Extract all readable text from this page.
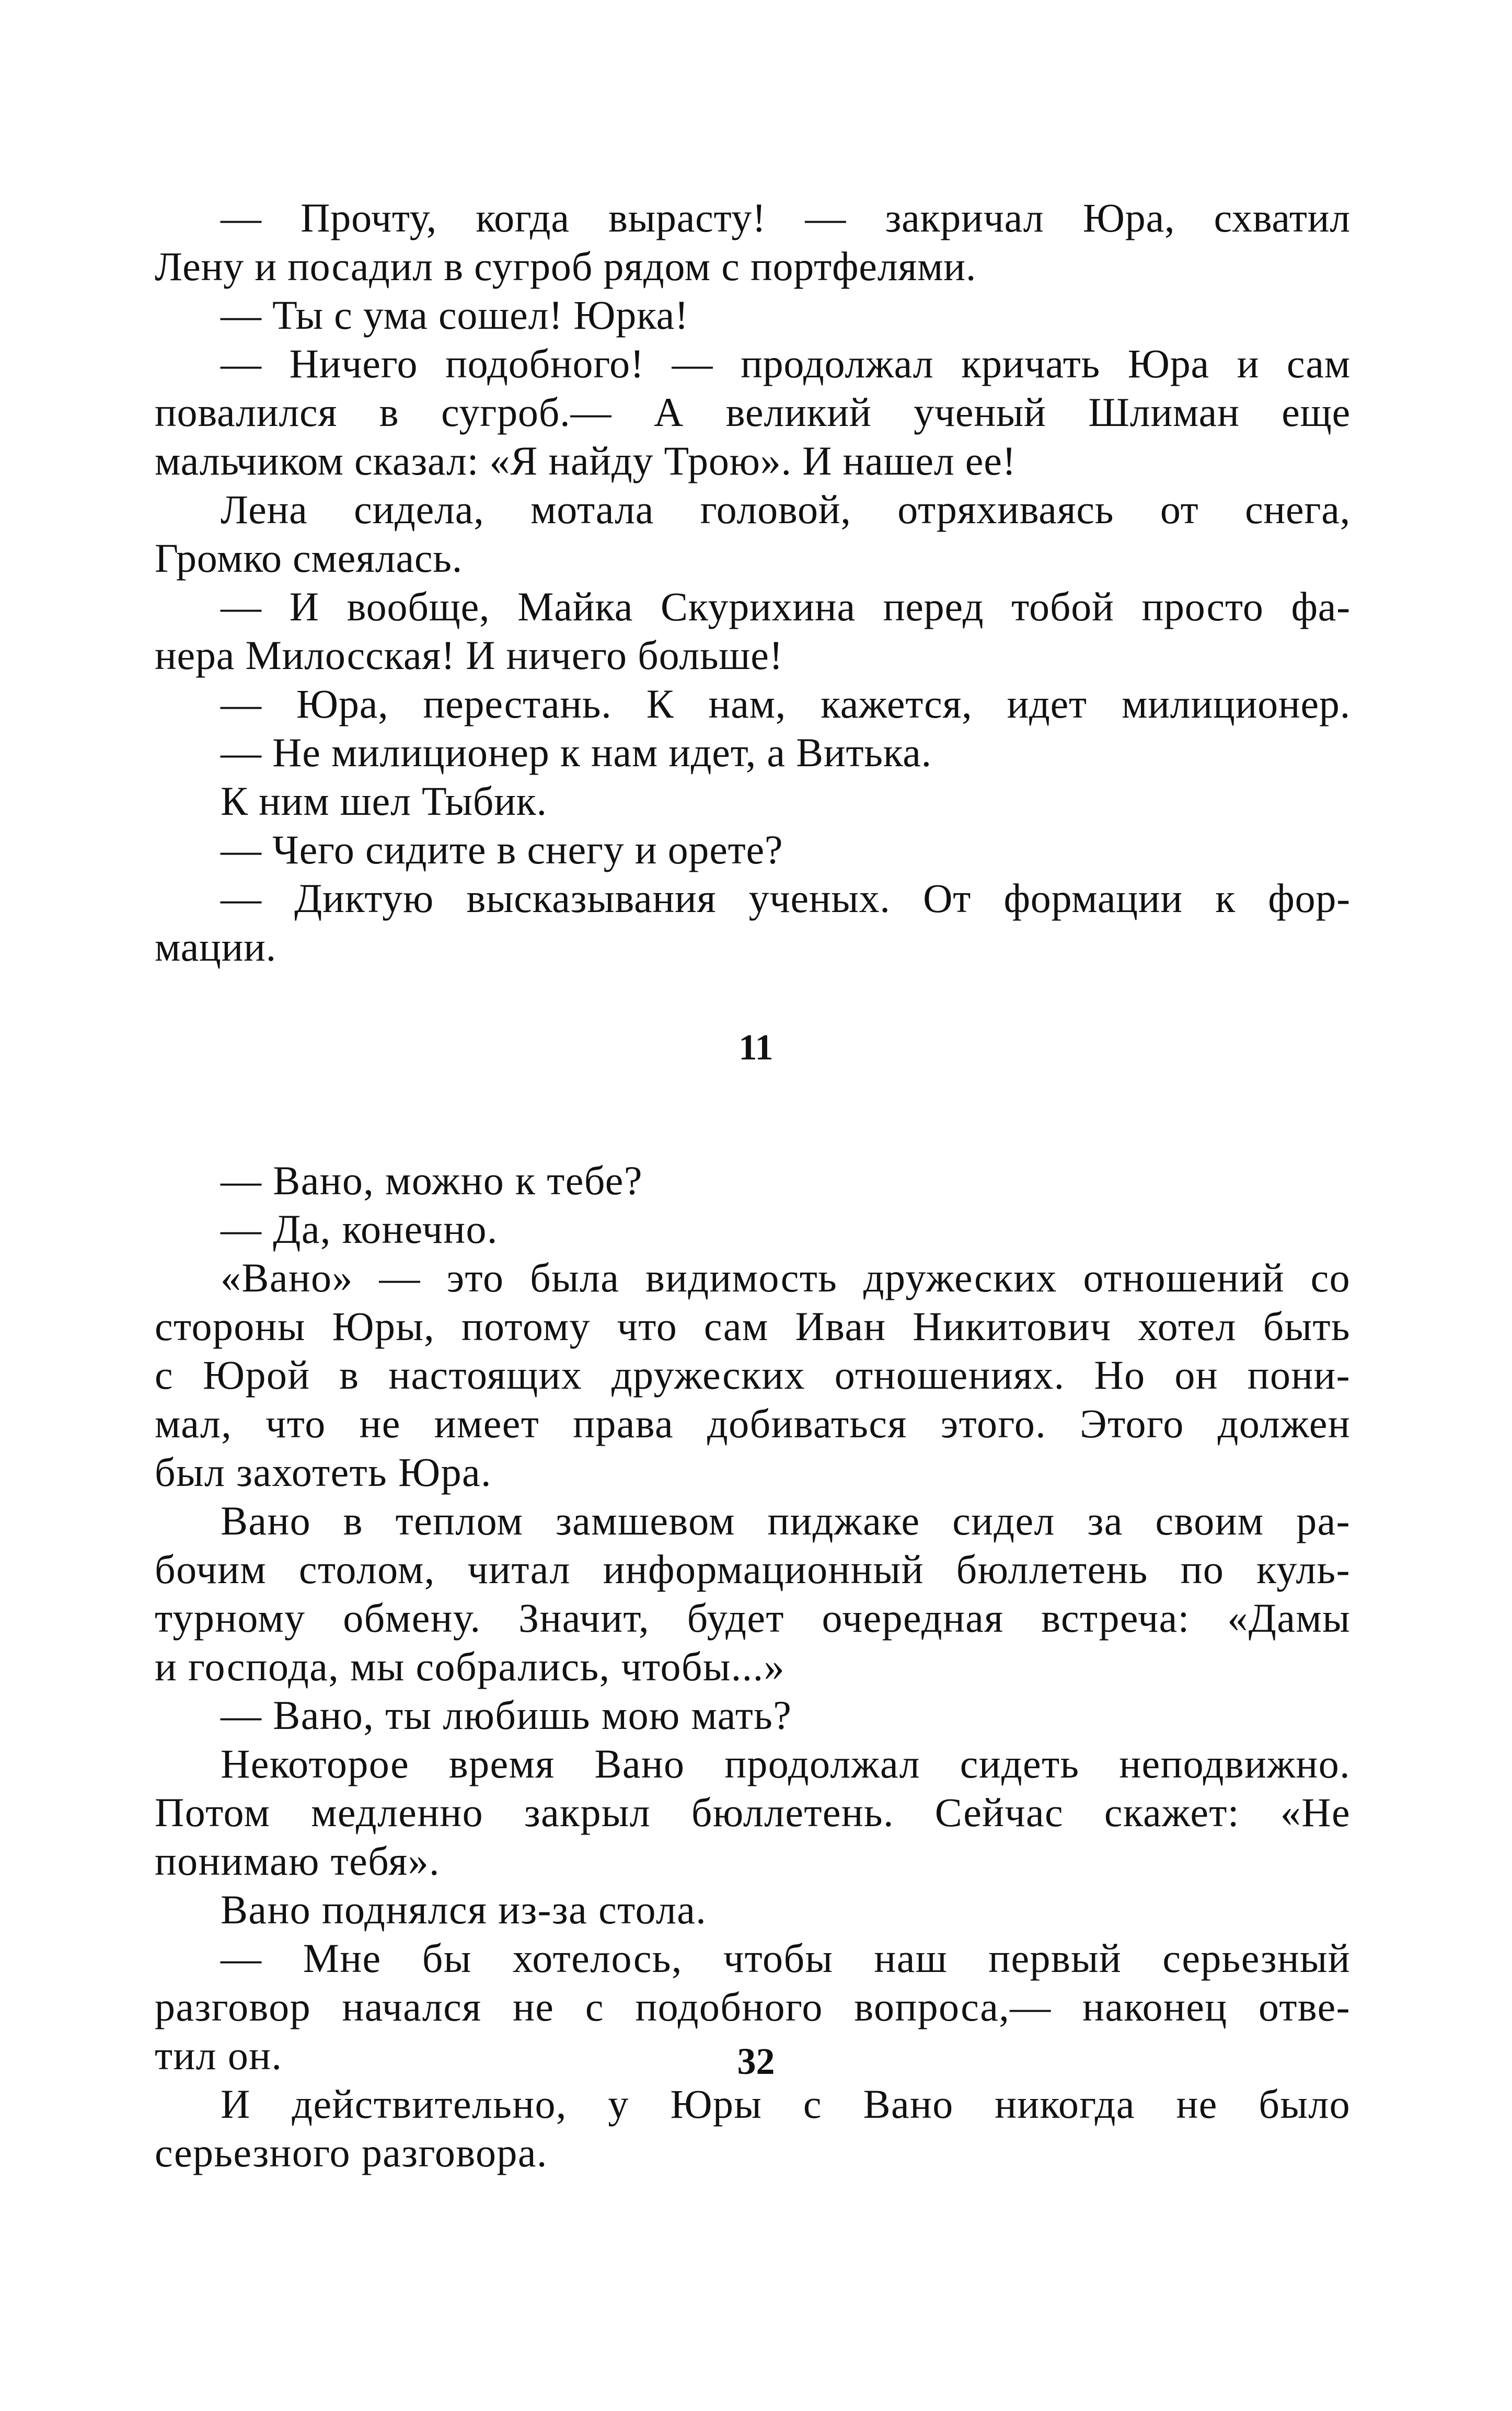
— Прочту, когда вырасту! — закричал Юра, схватил
Лену и посадил в сугроб рядом с портфелями.
— Ты с ума сошел! Юрка!
— Ничего подобного! — продолжал кричать Юра и сам
повалился в сугроб.— А великий ученый Шлиман еще
мальчиком сказал: «Я найду Трою». И нашел ее!
Лена сидела, мотала головой, отряхиваясь от снега,
Громко смеялась.
— И вообще, Майка Скурихина перед тобой просто фа-
нера Милосская! И ничего больше!
— Юра, перестань. К нам, кажется, идет милиционер.
— Не милиционер к нам идет, а Витька.
К ним шел Тыбик.
— Чего сидите в снегу и орете?
— Диктую высказывания ученых. От формации к фор-
мации.
11
— Вано, можно к тебе?
— Да, конечно.
«Вано» — это была видимость дружеских отношений со
стороны Юры, потому что сам Иван Никитович хотел быть
с Юрой в настоящих дружеских отношениях. Но он пони-
мал, что не имеет права добиваться этого. Этого должен
был захотеть Юра.
Вано в теплом замшевом пиджаке сидел за своим ра-
бочим столом, читал информационный бюллетень по куль-
турному обмену. Значит, будет очередная встреча: «Дамы
и господа, мы собрались, чтобы...»
— Вано, ты любишь мою мать?
Некоторое время Вано продолжал сидеть неподвижно.
Потом медленно закрыл бюллетень. Сейчас скажет: «Не
понимаю тебя».
Вано поднялся из-за стола.
— Мне бы хотелось, чтобы наш первый серьезный
разговор начался не с подобного вопроса,— наконец отве-
тил он.
И действительно, у Юры с Вано никогда не было
серьезного разговора.
32
